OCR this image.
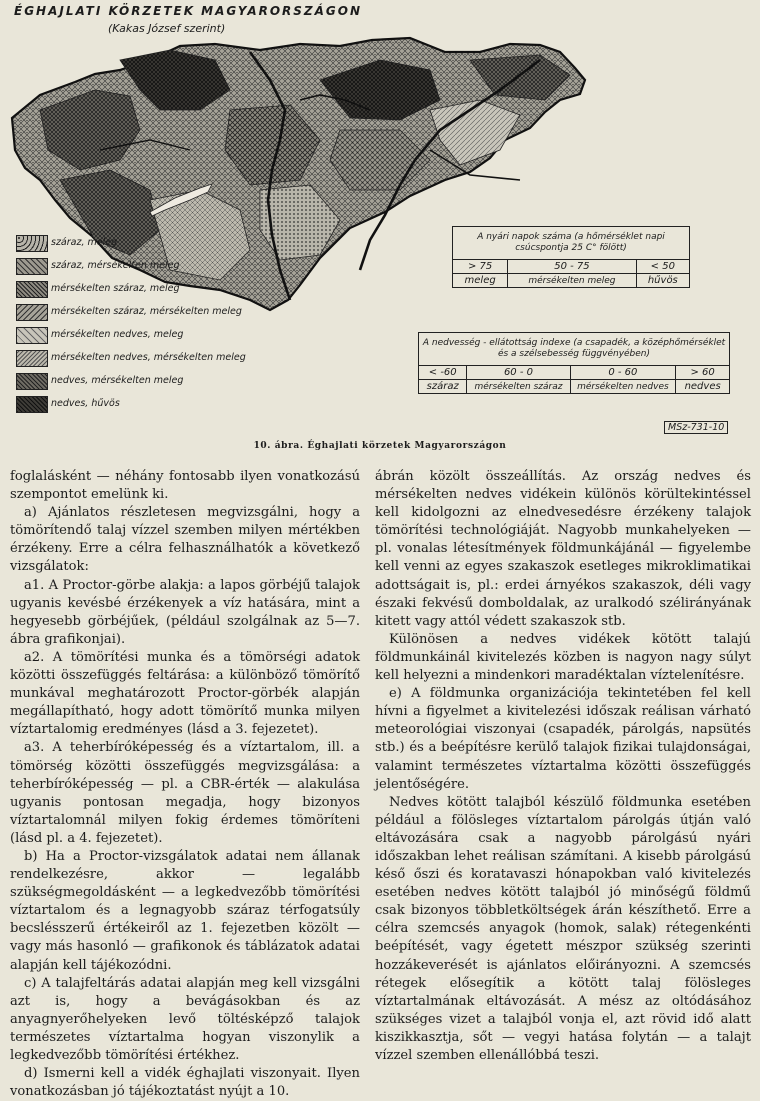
ÉGHAJLATI KÖRZETEK MAGYARORSZÁGON
(Kakas József szerint)
száraz, meleg
száraz, mérsékelten meleg
mérsékelten száraz, meleg
mérsékelten száraz, mérsékelten meleg
mérsékelten nedves, meleg
mérsékelten nedves, mérsékelten meleg
nedves, mérsékelten meleg
nedves, hűvös
A nyári napok száma (a hőmérséklet napi csúcspontja 25 C° fölött)		
> 75	50 - 75	< 50
meleg	mérsékelten meleg	hűvös
A nedvesség - ellátottság indexe (a csapadék, a középhőmérséklet és a szélsebesség függvényében)			
< -60	60 - 0	0 - 60	> 60
száraz	mérsékelten száraz	mérsékelten nedves	nedves
MSz-731-10
10. ábra. Éghajlati körzetek Magyarországon

foglalásként — néhány fontosabb ilyen vonatkozású szempontot emelünk ki.

a) Ajánlatos részletesen megvizsgálni, hogy a tömörítendő talaj vízzel szemben milyen mértékben érzékeny. Erre a célra felhasználhatók a következő vizsgálatok:

a1. A Proctor-görbe alakja: a lapos görbéjű talajok ugyanis kevésbé érzékenyek a víz hatására, mint a hegyesebb görbéjűek, (például szolgálnak az 5—7. ábra grafikonjai).

a2. A tömörítési munka és a tömörségi adatok közötti összefüggés feltárása: a különböző tömörítő munkával meghatározott Proctor-görbék alapján megállapítható, hogy adott tömörítő munka milyen víztartalomig eredményes (lásd a 3. fejezetet).

a3. A teherbíróképesség és a víztartalom, ill. a tömörség közötti összefüggés megvizsgálása: a teherbíróképesség — pl. a CBR-érték — alakulása ugyanis pontosan megadja, hogy bizonyos víztartalomnál milyen fokig érdemes tömöríteni (lásd pl. a 4. fejezetet).

b) Ha a Proctor-vizsgálatok adatai nem állanak rendelkezésre, akkor — legalább szükségmegoldásként — a legkedvezőbb tömörítési víztartalom és a legnagyobb száraz térfogatsúly becslésszerű értékeiről az 1. fejezetben közölt — vagy más hasonló — grafikonok és táblázatok adatai alapján kell tájékozódni.

c) A talajfeltárás adatai alapján meg kell vizsgálni azt is, hogy a bevágásokban és az anyagnyerőhelyeken levő töltésképző talajok természetes víztartalma hogyan viszonylik a legkedvezőbb tömörítési értékhez.

d) Ismerni kell a vidék éghajlati viszonyait. Ilyen vonatkozásban jó tájékoztatást nyújt a 10.

ábrán közölt összeállítás. Az ország nedves és mérsékelten nedves vidékein különös körültekintéssel kell kidolgozni az elnedvesedésre érzékeny talajok tömörítési technológiáját. Nagyobb munkahelyeken — pl. vonalas létesítmények földmunkájánál — figyelembe kell venni az egyes szakaszok esetleges mikroklimatikai adottságait is, pl.: erdei árnyékos szakaszok, déli vagy északi fekvésű domboldalak, az uralkodó szélirányának kitett vagy attól védett szakaszok stb.

Különösen a nedves vidékek kötött talajú földmunkáinál kivitelezés közben is nagyon nagy súlyt kell helyezni a mindenkori maradéktalan víztelenítésre.

e) A földmunka organizációja tekintetében fel kell hívni a figyelmet a kivitelezési időszak reálisan várható meteorológiai viszonyai (csapadék, párolgás, napsütés stb.) és a beépítésre kerülő talajok fizikai tulajdonságai, valamint természetes víztartalma közötti összefüggés jelentőségére.

Nedves kötött talajból készülő földmunka esetében például a fölösleges víztartalom párolgás útján való eltávozására csak a nagyobb párolgású nyári időszakban lehet reálisan számítani. A kisebb párolgású késő őszi és koratavaszi hónapokban való kivitelezés esetében nedves kötött talajból jó minőségű földmű csak bizonyos többletköltségek árán készíthető. Erre a célra szemcsés anyagok (homok, salak) rétegenkénti beépítését, vagy égetett mészpor szükség szerinti hozzákeverését is ajánlatos előirányozni. A szemcsés rétegek elősegítik a kötött talaj fölösleges víztartalmának eltávozását. A mész az oltódásához szükséges vizet a talajból vonja el, azt rövid idő alatt kiszikkasztja, sőt — vegyi hatása folytán — a talajt vízzel szemben ellenállóbbá teszi.
